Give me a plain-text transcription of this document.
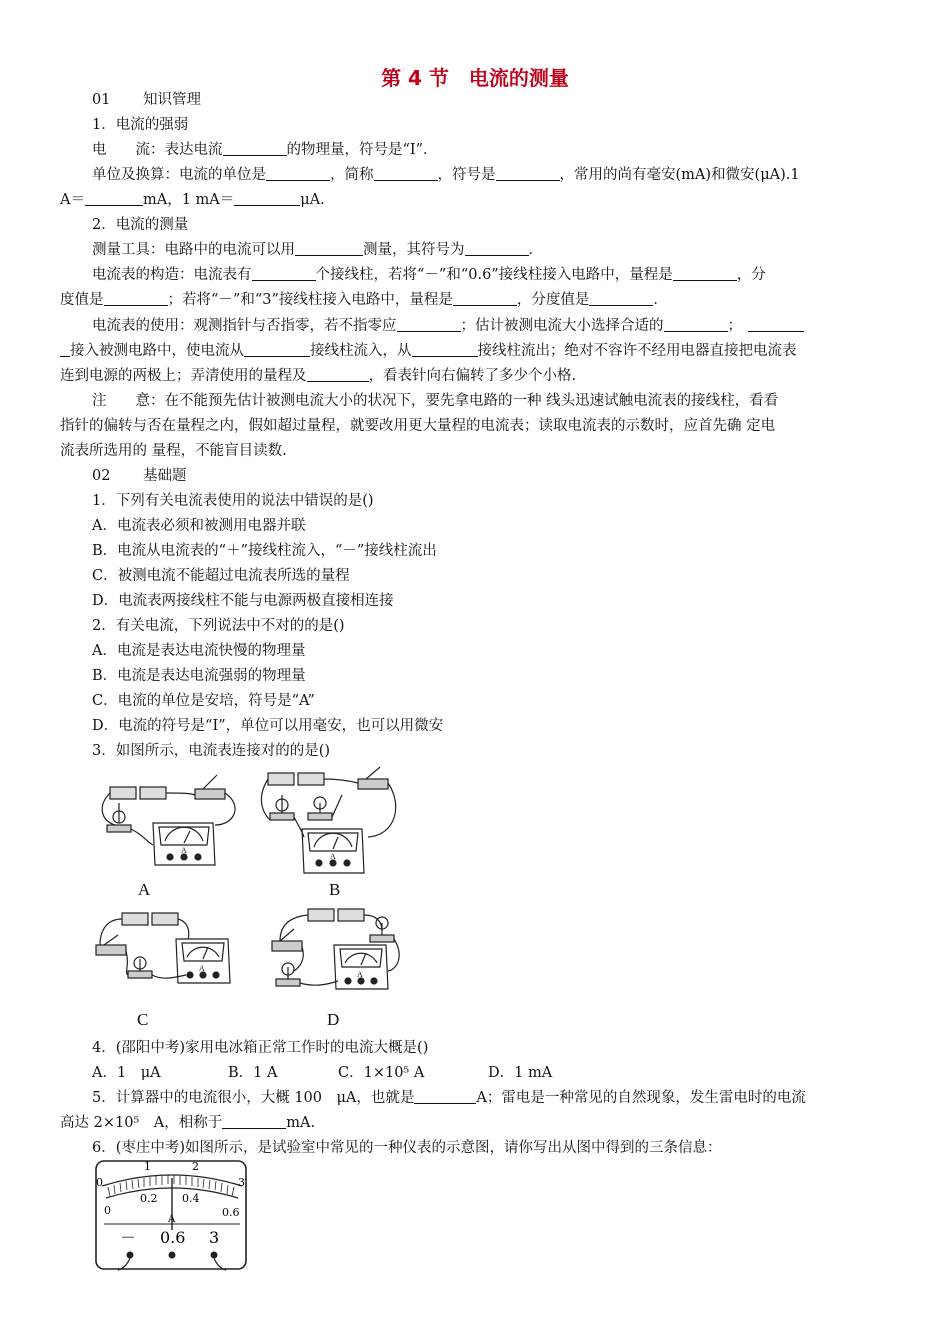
第 4 节　电流的测量
01 知识管理
1．电流的强弱
电　　流：表达电流	的物理量，符号是“I”．
单位及换算：电流的单位是	，简称	，符号是	，常用的尚有毫安(mA)和微安(μA).1
A＝	mA，1 mA＝	μA.
2．电流的测量
测量工具：电路中的电流可以用	测量，其符号为	．
电流表的构造：电流表有	个接线柱，若将“－”和“0.6”接线柱接入电路中，量程是	，分
度值是	；若将“－”和“3”接线柱接入电路中，量程是	，分度值是	．
电流表的使用：观测指针与否指零，若不指零应	；估计被测电流大小选择合适的	；
接入被测电路中，使电流从	接线柱流入，从	接线柱流出；绝对不容许不经用电器直接把电流表
连到电源的两极上；弄清使用的量程及	，看表针向右偏转了多少个小格.
注　　意：在不能预先估计被测电流大小的状况下，要先拿电路的一种 线头迅速试触电流表的接线柱，看看
指针的偏转与否在量程之内，假如超过量程，就要改用更大量程的电流表；读取电流表的示数时，应首先确 定电
流表所选用的 量程，不能盲目读数.
02 基础题
1．下列有关电流表使用的说法中错误的是()
A．电流表必须和被测用电器并联
B．电流从电流表的“＋”接线柱流入，“－”接线柱流出
C．被测电流不能超过电流表所选的量程
D．电流表两接线柱不能与电源两极直接相连接
2．有关电流，下列说法中不对的的是()
A．电流是表达电流快慢的物理量
B．电流是表达电流强弱的物理量
C．电流的单位是安培，符号是“A”
D．电流的符号是“I”，单位可以用毫安，也可以用微安
3．如图所示，电流表连接对的的是()
A
A
A
B
A
C
A
D
4．(邵阳中考)家用电冰箱正常工作时的电流大概是()
A．1　μA	B．1 A	C．1×10⁵ A	D．1 mA
5．计算器中的电流很小，大概 100　μA，也就是	A；雷电是一种常见的自然现象，发生雷电时的电流
高达 2×10⁵　A，相称于	mA.
6．(枣庄中考)如图所示，是试验室中常见的一种仪表的示意图，请你写出从图中得到的三条信息：
0
1	2
3
0
0.2 0.4
0.6
A
－ 0.6 3
